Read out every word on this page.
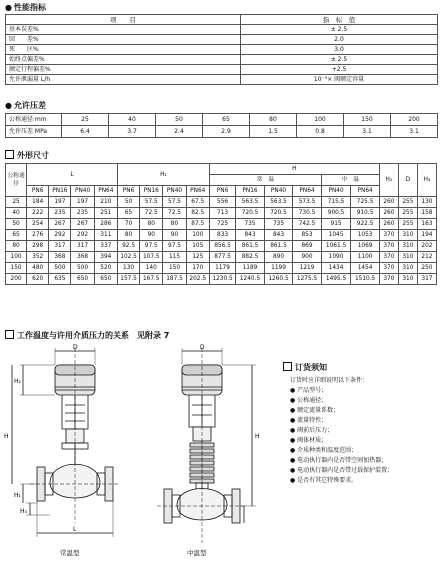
● 性能指标
项　　目	指　标　值
基本误差%	± 2.5
回　　差%	2.0
死　　区%	3.0
始终点偏差%	± 2.5
额定行程偏差%	+2.5
允许泄漏量 L/h	10⁻³× 阀额定容量
● 允许压差
公称通径 mm	25	40	50	65	80	100	150	200
允许压差 MPa	6.4	3.7	2.4	2.9	1.5	0.8	3.1	3.1
外形尺寸
公称通径	L				H₁				H						H₂	D	H₃
									常　温				中　温				
	PN6	PN16	PN40	PN64	PN6	PN16	PN40	PN64	PN6	PN16	PN40	PN64	PN40	PN64			
25	184	197	197	210	50	57.5	57.5	67.5	556	563.5	563.5	573.5	715.5	725.5	260	255	130
40	222	235	235	251	65	72.5	72.5	82.5	713	720.5	720.5	730.5	900.5	910.5	260	255	158
50	254	267	267	286	70	80	80	87.5	725	735	735	742.5	915	922.5	260	255	163
65	276	292	292	311	80	90	90	100	833	843	843	853	1045	1053	370	310	194
80	298	317	317	337	92.5	97.5	97.5	105	856.5	861.5	861.5	869	1061.5	1069	370	310	202
100	352	368	368	394	102.5	107.5	115	125	877.5	882.5	890	900	1090	1100	370	310	212
150	480	500	500	520	130	140	150	170	1179	1189	1199	1219	1434	1454	370	310	250
200	620	635	650	650	157.5	167.5	187.5	202.5	1230.5	1240.5	1260.5	1275.5	1495.5	1510.5	370	310	317
工作温度与许用介质压力的关系　见附录 7
D
H₂
H
H₁
H₃
L
常温型
D
H
中温型
订货须知
订货时应详细说明以下条件：
● 产品型号；
● 公称通径；
● 额定流量系数；
● 流量特性；
● 阀前后压力；
● 阀体材质；
● 介质种类和温度范围；
● 电动执行器内是否带空间加热器；
● 电动执行器内是否带过载保护装置；
● 是否有其它特殊要求。
